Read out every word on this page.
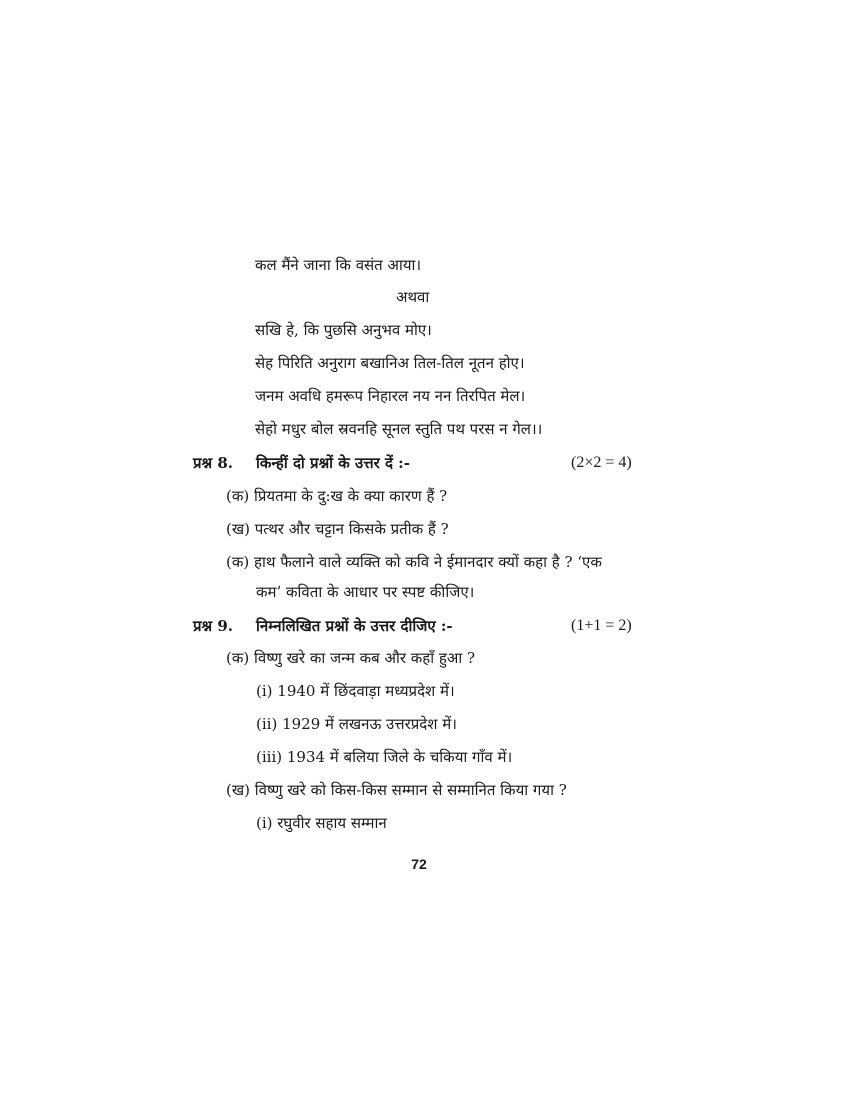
कल मैंने जाना कि वसंत आया।
अथवा
सखि हे, कि पुछसि अनुभव मोए।
सेह पिरिति अनुराग बखानिअ तिल-तिल नूतन होए।
जनम अवधि हमरूप निहारल नय नन तिरपित मेल।
सेहो मधुर बोल स्रवनहि सूनल स्तुति पथ परस न गेल।।
प्रश्न 8. किन्हीं दो प्रश्नों के उत्तर दें :-	(2×2 = 4)
(क) प्रियतमा के दु:ख के क्या कारण हैं ?
(ख) पत्थर और चट्टान किसके प्रतीक हैं ?
(क) हाथ फैलाने वाले व्यक्ति को कवि ने ईमानदार क्यों कहा है ? ‘एक
कम’ कविता के आधार पर स्पष्ट कीजिए।
प्रश्न 9. निम्नलिखित प्रश्नों के उत्तर दीजिए :-	(1+1 = 2)
(क) विष्णु खरे का जन्म कब और कहाँ हुआ ?
(i) 1940 में छिंदवाड़ा मध्यप्रदेश में।
(ii) 1929 में लखनऊ उत्तरप्रदेश में।
(iii) 1934 में बलिया जिले के चकिया गाँव में।
(ख) विष्णु खरे को किस-किस सम्मान से सम्मानित किया गया ?
(i) रघुवीर सहाय सम्मान
72
